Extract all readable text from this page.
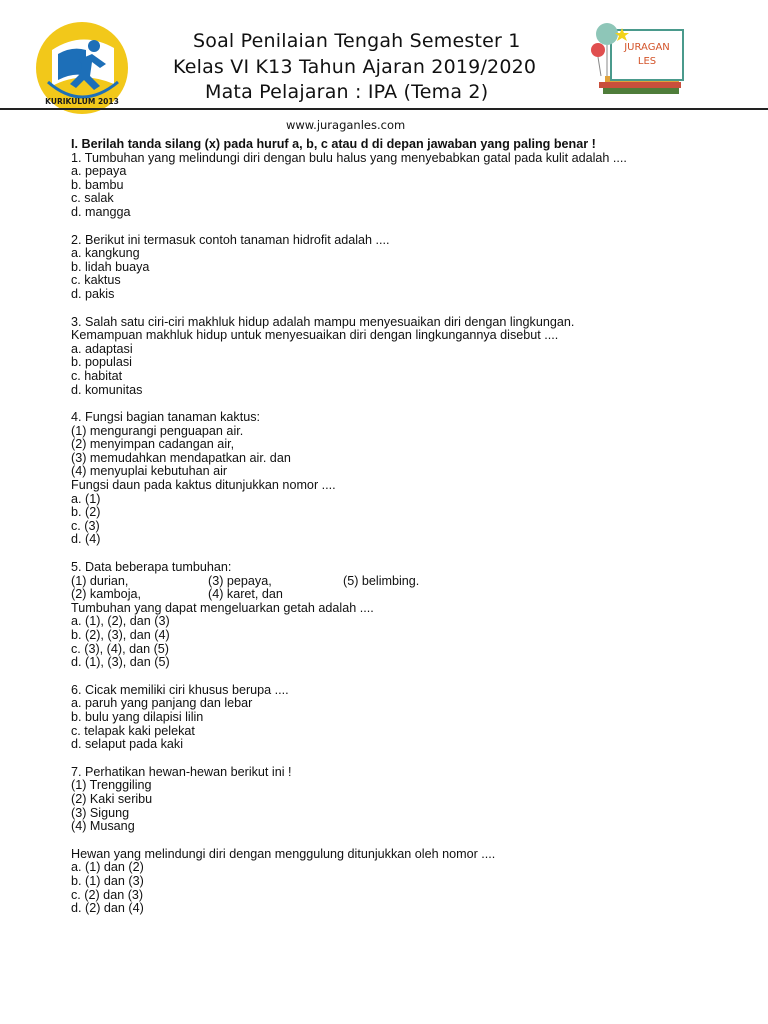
KURIKULUM 2013
Soal Penilaian Tengah Semester 1
Kelas VI K13 Tahun Ajaran 2019/2020
Mata Pelajaran : IPA (Tema 2)
JURAGAN
LES
www.juraganles.com
I. Berilah tanda silang (x) pada huruf a, b, c atau d di depan jawaban yang paling benar !
1. Tumbuhan yang melindungi diri dengan bulu halus yang menyebabkan gatal pada kulit adalah ....
a. pepaya
b. bambu
c. salak
d. mangga
2. Berikut ini termasuk contoh tanaman hidrofit adalah ....
a. kangkung
b. lidah buaya
c. kaktus
d. pakis
3. Salah satu ciri-ciri makhluk hidup adalah mampu menyesuaikan diri dengan lingkungan.
Kemampuan makhluk hidup untuk menyesuaikan diri dengan lingkungannya disebut ....
a. adaptasi
b. populasi
c. habitat
d. komunitas
4. Fungsi bagian tanaman kaktus:
(1) mengurangi penguapan air.
(2) menyimpan cadangan air,
(3) memudahkan mendapatkan air. dan
(4) menyuplai kebutuhan air
Fungsi daun pada kaktus ditunjukkan nomor ....
a. (1)
b. (2)
c. (3)
d. (4)
5. Data beberapa tumbuhan:
(1) durian,	(3) pepaya,	(5) belimbing.
(2) kamboja,	(4) karet, dan
Tumbuhan yang dapat mengeluarkan getah adalah ....
a. (1), (2), dan (3)
b. (2), (3), dan (4)
c. (3), (4), dan (5)
d. (1), (3), dan (5)
6. Cicak memiliki ciri khusus berupa ....
a. paruh yang panjang dan lebar
b. bulu yang dilapisi lilin
c. telapak kaki pelekat
d. selaput pada kaki
7. Perhatikan hewan-hewan berikut ini !
(1) Trenggiling
(2) Kaki seribu
(3) Sigung
(4) Musang
Hewan yang melindungi diri dengan menggulung ditunjukkan oleh nomor ....
a. (1) dan (2)
b. (1) dan (3)
c. (2) dan (3)
d. (2) dan (4)
